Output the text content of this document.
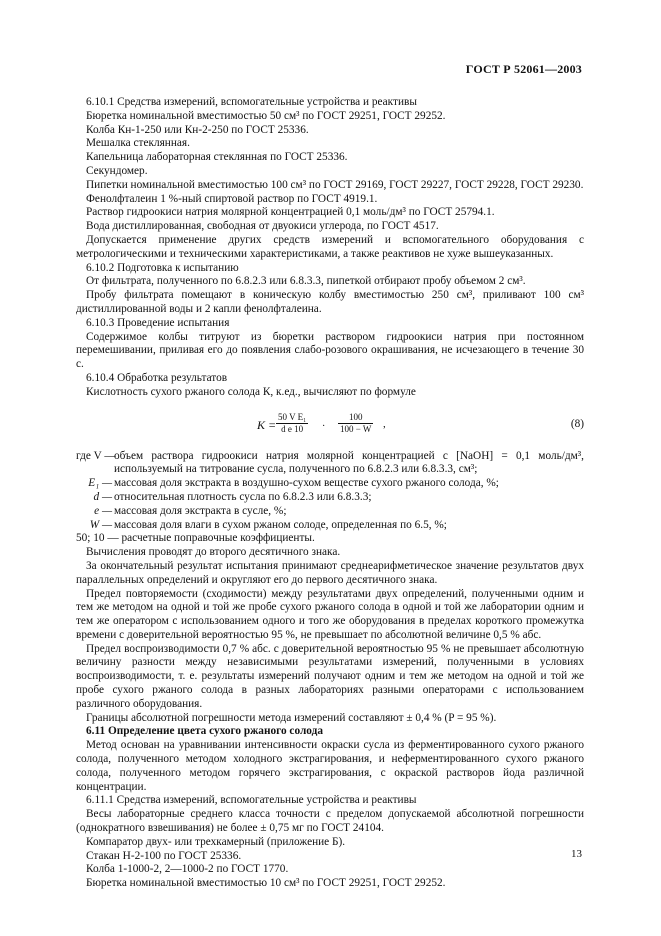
ГОСТ Р 52061—2003

6.10.1 Средства измерений, вспомогательные устройства и реактивы

Бюретка номинальной вместимостью 50 см³ по ГОСТ 29251, ГОСТ 29252.

Колба Кн-1-250 или Кн-2-250 по ГОСТ 25336.

Мешалка стеклянная.

Капельница лабораторная стеклянная по ГОСТ 25336.

Секундомер.

Пипетки номинальной вместимостью 100 см³ по ГОСТ 29169, ГОСТ 29227, ГОСТ 29228, ГОСТ 29230.

Фенолфталеин 1 %-ный спиртовой раствор по ГОСТ 4919.1.

Раствор гидроокиси натрия молярной концентрацией 0,1 моль/дм³ по ГОСТ 25794.1.

Вода дистиллированная, свободная от двуокиси углерода, по ГОСТ 4517.

Допускается применение других средств измерений и вспомогательного оборудования с метрологическими и техническими характеристиками, а также реактивов не хуже вышеуказанных.

6.10.2 Подготовка к испытанию

От фильтрата, полученного по 6.8.2.3 или 6.8.3.3, пипеткой отбирают пробу объемом 2 см³.

Пробу фильтрата помещают в коническую колбу вместимостью 250 см³, приливают 100 см³ дистиллированной воды и 2 капли фенолфталеина.

6.10.3 Проведение испытания

Содержимое колбы титруют из бюретки раствором гидроокиси натрия при постоянном перемешивании, приливая его до появления слабо-розового окрашивания, не исчезающего в течение 30 с.

6.10.4 Обработка результатов

Кислотность сухого ржаного солода К, к.ед., вычисляют по формуле

$K = \frac{\text{50 V E₁}}{\text{d e 10}} \cdot \frac{100}{100 - W}$ ,	(8)
где V —
объем раствора гидроокиси натрия молярной концентрацией c [NaOH] = 0,1 моль/дм³, используемый на титрование сусла, полученного по 6.8.2.3 или 6.8.3.3, см³;
E₁ — массовая доля экстракта в воздушно-сухом веществе сухого ржаного солода, %;
d — относительная плотность сусла по 6.8.2.3 или 6.8.3.3;
e — массовая доля экстракта в сусле, %;
W — массовая доля влаги в сухом ржаном солоде, определенная по 6.5, %;

50; 10 — расчетные поправочные коэффициенты.

Вычисления проводят до второго десятичного знака.

За окончательный результат испытания принимают среднеарифметическое значение результатов двух параллельных определений и округляют его до первого десятичного знака.

Предел повторяемости (сходимости) между результатами двух определений, полученными одним и тем же методом на одной и той же пробе сухого ржаного солода в одной и той же лаборатории одним и тем же оператором с использованием одного и того же оборудования в пределах короткого промежутка времени с доверительной вероятностью 95 %, не превышает по абсолютной величине 0,5 % абс.

Предел воспроизводимости 0,7 % абс. с доверительной вероятностью 95 % не превышает абсолютную величину разности между независимыми результатами измерений, полученными в условиях воспроизводимости, т. е. результаты измерений получают одним и тем же методом на одной и той же пробе сухого ржаного солода в разных лабораториях разными операторами с использованием различного оборудования.

Границы абсолютной погрешности метода измерений составляют ± 0,4 % (P = 95 %).

6.11 Определение цвета сухого ржаного солода

Метод основан на уравнивании интенсивности окраски сусла из ферментированного сухого ржаного солода, полученного методом холодного экстрагирования, и неферментированного сухого ржаного солода, полученного методом горячего экстрагирования, с окраской растворов йода различной концентрации.

6.11.1 Средства измерений, вспомогательные устройства и реактивы

Весы лабораторные среднего класса точности с пределом допускаемой абсолютной погрешности (однократного взвешивания) не более ± 0,75 мг по ГОСТ 24104.

Компаратор двух- или трехкамерный (приложение Б).

Стакан Н-2-100 по ГОСТ 25336.

Колба 1-1000-2, 2—1000-2 по ГОСТ 1770.

Бюретка номинальной вместимостью 10 см³ по ГОСТ 29251, ГОСТ 29252.

13
